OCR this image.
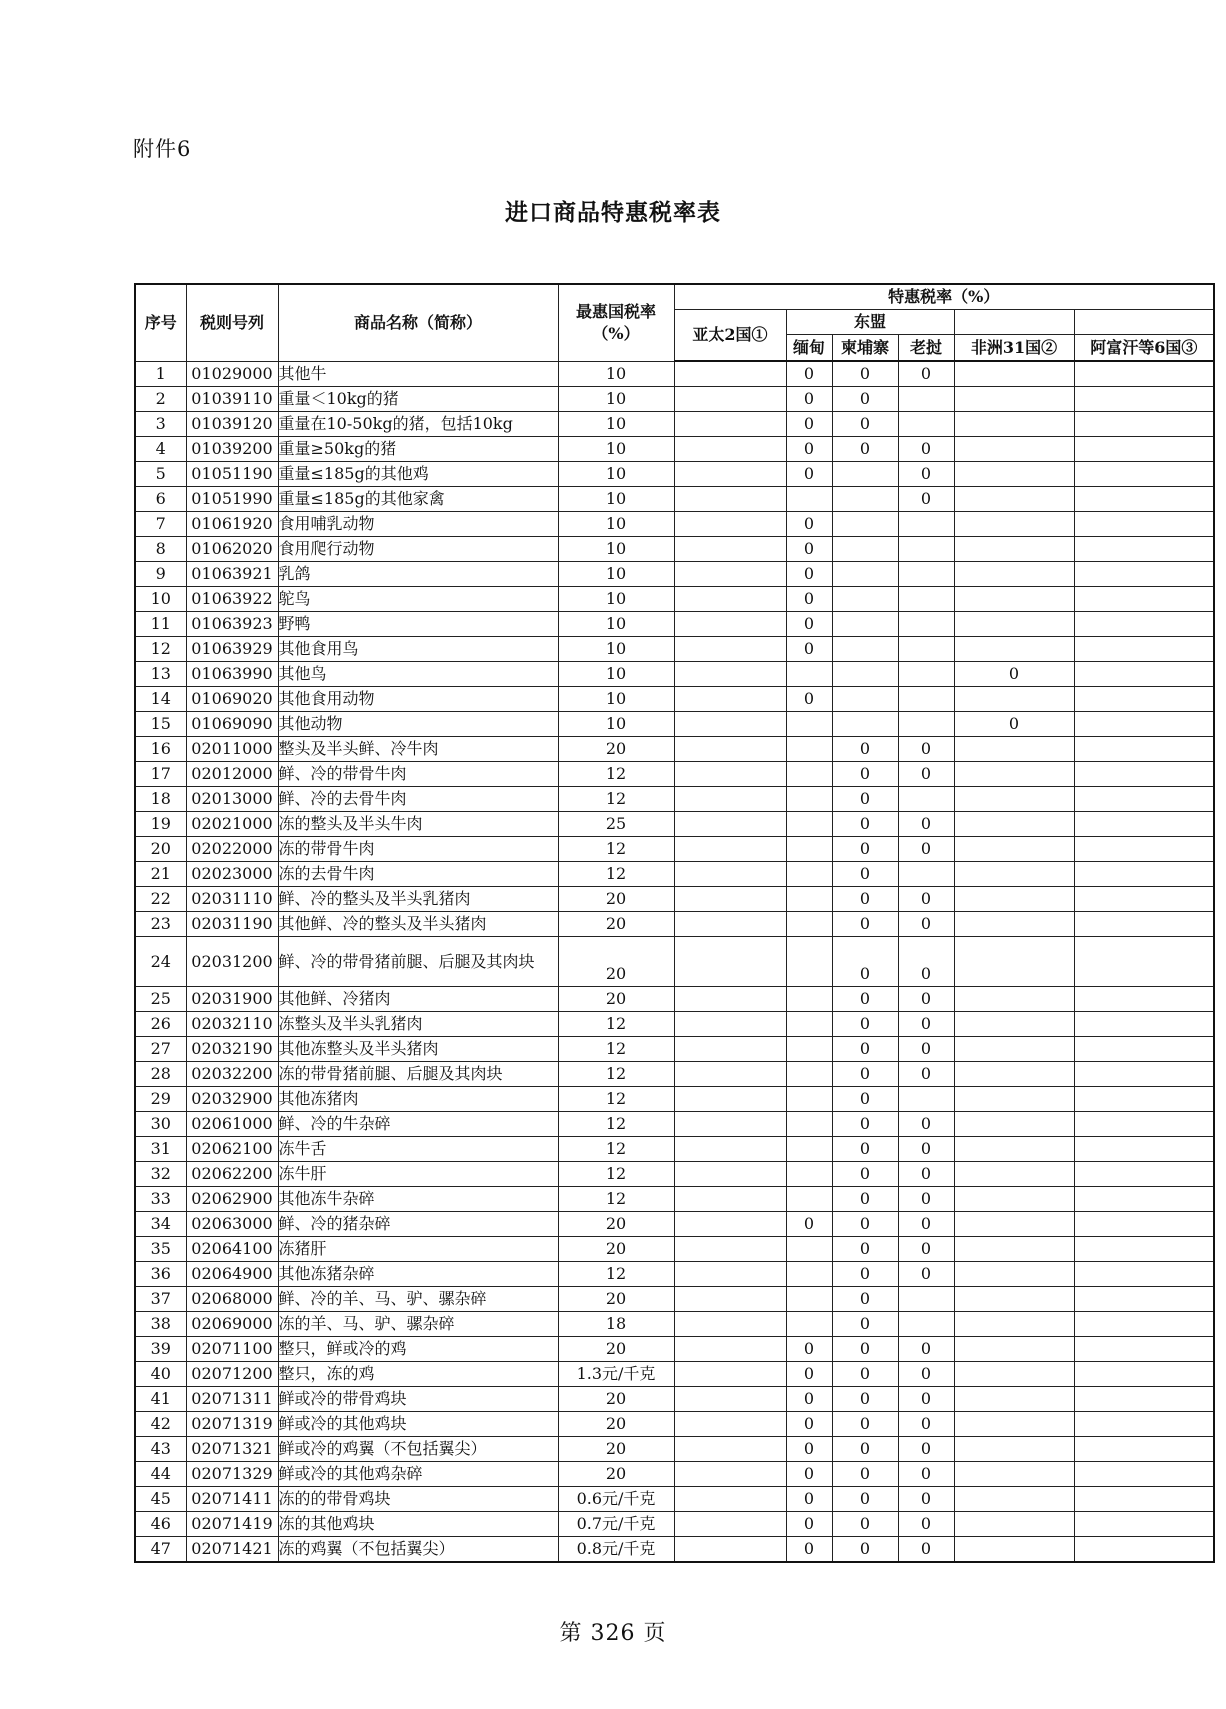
附件6
进口商品特惠税率表
序号	税则号列	商品名称（简称）	最惠国税率
（%）	特惠税率（%）					
				亚太2国①	东盟				
					缅甸	柬埔寨	老挝	非洲31国②	阿富汗等6国③
1	01029000	其他牛	10		0	0	0		
2	01039110	重量＜10kg的猪	10		0	0			
3	01039120	重量在10-50kg的猪，包括10kg	10		0	0			
4	01039200	重量≥50kg的猪	10		0	0	0		
5	01051190	重量≤185g的其他鸡	10		0		0		
6	01051990	重量≤185g的其他家禽	10				0		
7	01061920	食用哺乳动物	10		0				
8	01062020	食用爬行动物	10		0				
9	01063921	乳鸽	10		0				
10	01063922	鸵鸟	10		0				
11	01063923	野鸭	10		0				
12	01063929	其他食用鸟	10		0				
13	01063990	其他鸟	10					0	
14	01069020	其他食用动物	10		0				
15	01069090	其他动物	10					0	
16	02011000	整头及半头鲜、冷牛肉	20			0	0		
17	02012000	鲜、冷的带骨牛肉	12			0	0		
18	02013000	鲜、冷的去骨牛肉	12			0			
19	02021000	冻的整头及半头牛肉	25			0	0		
20	02022000	冻的带骨牛肉	12			0	0		
21	02023000	冻的去骨牛肉	12			0			
22	02031110	鲜、冷的整头及半头乳猪肉	20			0	0		
23	02031190	其他鲜、冷的整头及半头猪肉	20			0	0		
24	02031200	鲜、冷的带骨猪前腿、后腿及其肉块	20			0	0		
25	02031900	其他鲜、冷猪肉	20			0	0		
26	02032110	冻整头及半头乳猪肉	12			0	0		
27	02032190	其他冻整头及半头猪肉	12			0	0		
28	02032200	冻的带骨猪前腿、后腿及其肉块	12			0	0		
29	02032900	其他冻猪肉	12			0			
30	02061000	鲜、冷的牛杂碎	12			0	0		
31	02062100	冻牛舌	12			0	0		
32	02062200	冻牛肝	12			0	0		
33	02062900	其他冻牛杂碎	12			0	0		
34	02063000	鲜、冷的猪杂碎	20		0	0	0		
35	02064100	冻猪肝	20			0	0		
36	02064900	其他冻猪杂碎	12			0	0		
37	02068000	鲜、冷的羊、马、驴、骡杂碎	20			0			
38	02069000	冻的羊、马、驴、骡杂碎	18			0			
39	02071100	整只，鲜或冷的鸡	20		0	0	0		
40	02071200	整只，冻的鸡	1.3元/千克		0	0	0		
41	02071311	鲜或冷的带骨鸡块	20		0	0	0		
42	02071319	鲜或冷的其他鸡块	20		0	0	0		
43	02071321	鲜或冷的鸡翼（不包括翼尖）	20		0	0	0		
44	02071329	鲜或冷的其他鸡杂碎	20		0	0	0		
45	02071411	冻的的带骨鸡块	0.6元/千克		0	0	0		
46	02071419	冻的其他鸡块	0.7元/千克		0	0	0		
47	02071421	冻的鸡翼（不包括翼尖）	0.8元/千克		0	0	0		
第 326 页
